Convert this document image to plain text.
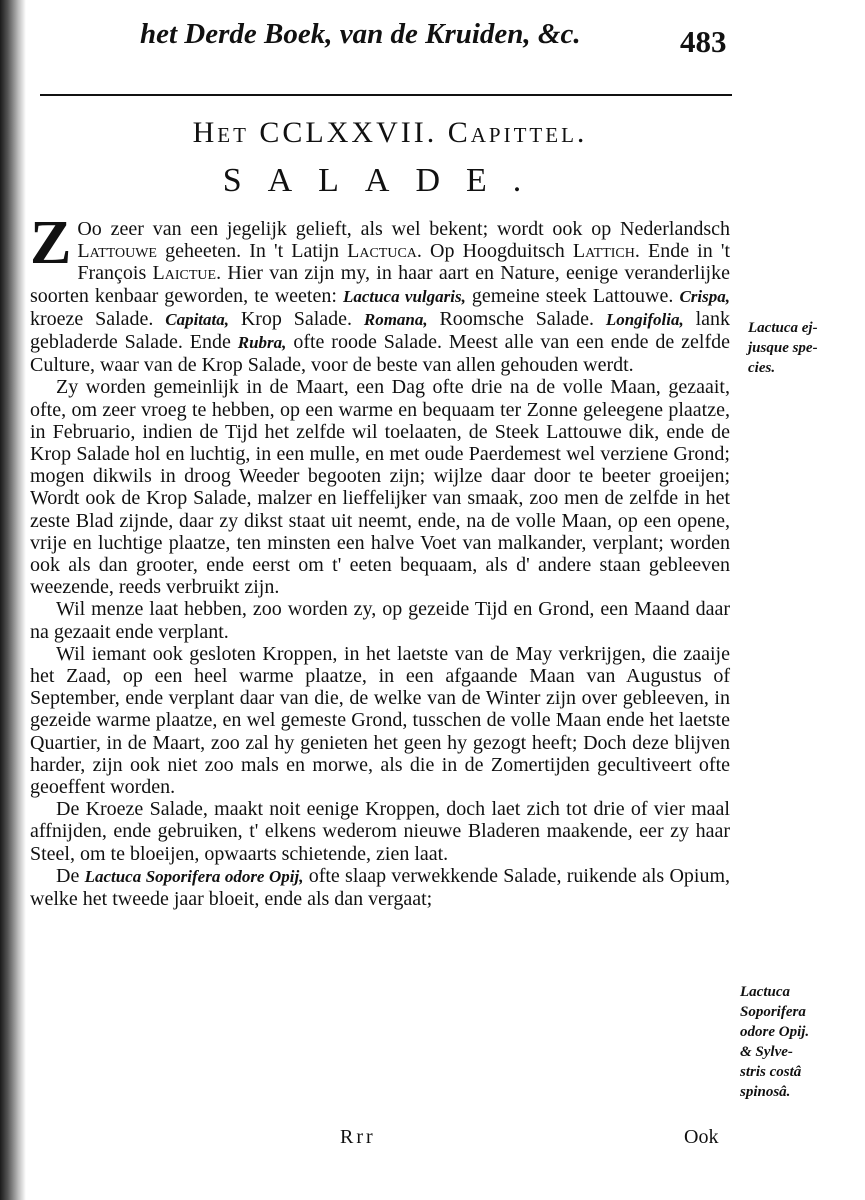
het Derde Boek, van de Kruiden, &c.	483
Het CCLXXVII. Capittel.
SALADE.

Z Oo zeer van een jegelijk gelieft, als wel bekent; wordt ook op Nederlandsch Lattouwe geheeten. In 't Latijn Lactuca. Op Hoogduitsch Lattich. Ende in 't François Laictue. Hier van zijn my, in haar aart en Nature, eenige veranderlijke soorten kenbaar geworden, te weeten: Lactuca vulgaris, gemeine steek Lattouwe. Crispa, kroeze Salade. Capitata, Krop Salade. Romana, Roomsche Salade. Longifolia, lank gebladerde Salade. Ende Rubra, ofte roode Salade. Meest alle van een ende de zelfde Culture, waar van de Krop Salade, voor de beste van allen gehouden werdt.

Zy worden gemeinlijk in de Maart, een Dag ofte drie na de volle Maan, gezaait, ofte, om zeer vroeg te hebben, op een warme en bequaam ter Zonne geleegene plaatze, in Februario, indien de Tijd het zelfde wil toelaaten, de Steek Lattouwe dik, ende de Krop Salade hol en luchtig, in een mulle, en met oude Paerdemest wel verziene Grond; mogen dikwils in droog Weeder begooten zijn; wijlze daar door te beeter groeijen; Wordt ook de Krop Salade, malzer en lieffelijker van smaak, zoo men de zelfde in het zeste Blad zijnde, daar zy dikst staat uit neemt, ende, na de volle Maan, op een opene, vrije en luchtige plaatze, ten minsten een halve Voet van malkander, verplant; worden ook als dan grooter, ende eerst om t' eeten bequaam, als d' andere staan gebleeven weezende, reeds verbruikt zijn.

Wil menze laat hebben, zoo worden zy, op gezeide Tijd en Grond, een Maand daar na gezaait ende verplant.

Wil iemant ook gesloten Kroppen, in het laetste van de May verkrijgen, die zaaije het Zaad, op een heel warme plaatze, in een afgaande Maan van Augustus of September, ende verplant daar van die, de welke van de Winter zijn over gebleeven, in gezeide warme plaatze, en wel gemeste Grond, tusschen de volle Maan ende het laetste Quartier, in de Maart, zoo zal hy genieten het geen hy gezogt heeft; Doch deze blijven harder, zijn ook niet zoo mals en morwe, als die in de Zomertijden gecultiveert ofte geoeffent worden.

De Kroeze Salade, maakt noit eenige Kroppen, doch laet zich tot drie of vier maal affnijden, ende gebruiken, t' elkens wederom nieuwe Bladeren maakende, eer zy haar Steel, om te bloeijen, opwaarts schietende, zien laat.

De Lactuca Soporifera odore Opij, ofte slaap verwekkende Salade, ruikende als Opium, welke het tweede jaar bloeit, ende als dan vergaat;

Lactuca ej-
jusque spe-
cies.
Lactuca
Soporifera
odore Opij.
& Sylve-
stris costâ
spinosâ.
Rrr	Ook
